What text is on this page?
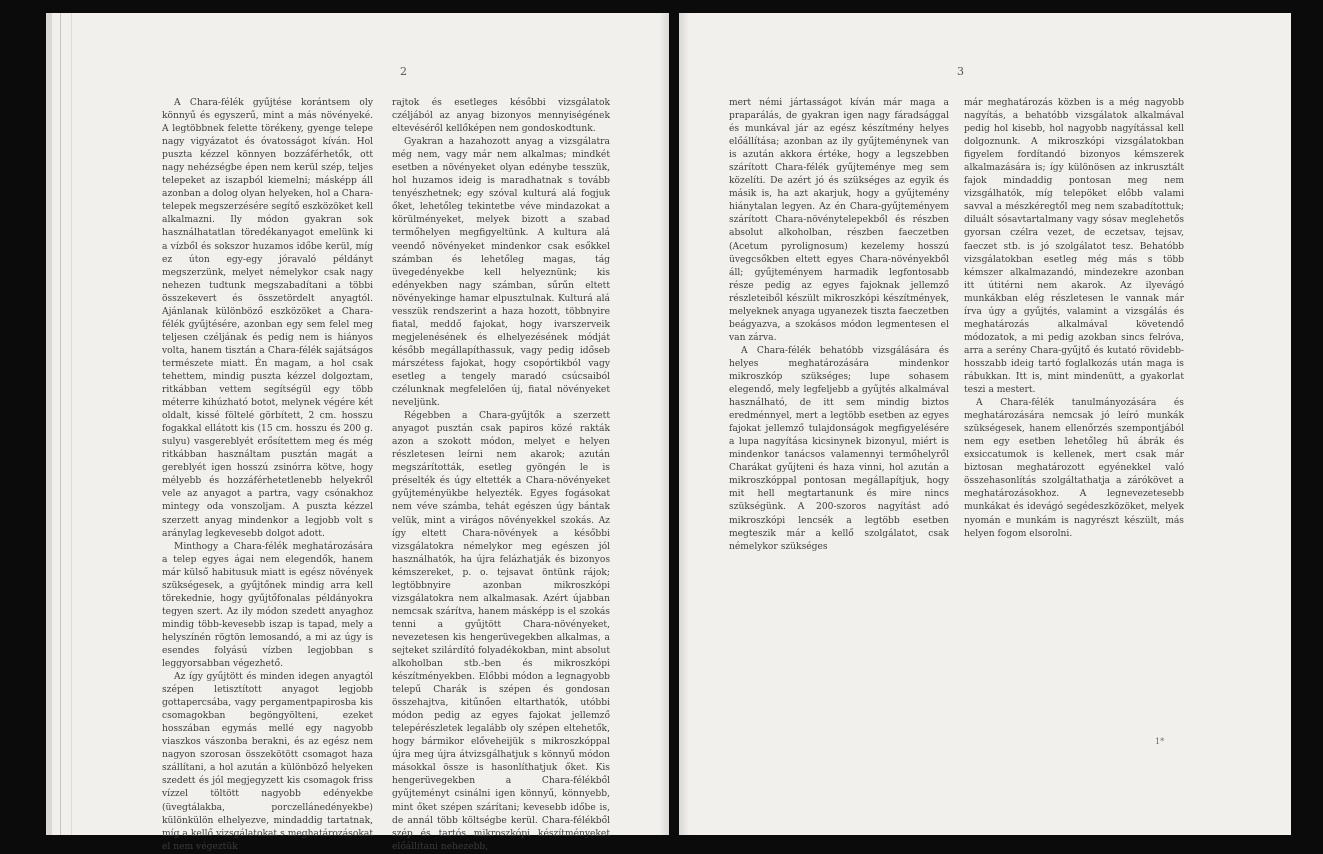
2

A Chara-félék gyűjtése korántsem oly könnyű és egyszerű, mint a más növényeké. A legtöbbnek felette törékeny, gyenge telepe nagy vigyázatot és óvatosságot kíván. Hol puszta kézzel könnyen bozzáférhetők, ott nagy nehézségbe épen nem kerül szép, teljes telepeket az iszapból kiemelni; másképp áll azonban a dolog olyan helyeken, hol a Chara-telepek megszerzésére segítő eszközöket kell alkalmazni. Ily módon gyakran sok használhatatlan töredékanyagot emelünk ki a vízből és sokszor huzamos időbe kerül, míg ez úton egy-egy jóravaló példányt megszerzünk, melyet némelykor csak nagy nehezen tudtunk megszabadítani a többi összekevert és összetördelt anyagtól. Ajánlanak különböző eszközöket a Chara-félék gyűjtésére, azonban egy sem felel meg teljesen czéljának és pedig nem is hiányos volta, hanem tisztán a Chara-félék sajátságos természete miatt. Én magam, a hol csak tehettem, mindig puszta kézzel dolgoztam, ritkábban vettem segítségül egy több méterre kihúzható botot, melynek végére két oldalt, kissé föltelé görbített, 2 cm. hosszu fogakkal ellátott kis (15 cm. hosszu és 200 g. sulyu) vasgereblyét erősítettem meg és még ritkábban használtam pusztán magát a gereblyét igen hosszú zsinórra kötve, hogy mélyebb és hozzáférhetetlenebb helyekről vele az anyagot a partra, vagy csónakhoz mintegy oda vonszoljam. A puszta kézzel szerzett anyag mindenkor a legjobb volt s aránylag legkevesebb dolgot adott.

Minthogy a Chara-félék meghatározására a telep egyes ágai nem elegendők, hanem már külső habitusuk miatt is egész növények szükségesek, a gyűjtőnek mindig arra kell törekednie, hogy gyűjtőfonalas példányokra tegyen szert. Az ily módon szedett anyaghoz mindig több-kevesebb iszap is tapad, mely a helyszínén rögtön lemosandó, a mi az úgy is esendes folyású vízben legjobban s leggyorsabban végezhető.

Az így gyűjtött és minden idegen anyagtól szépen letisztított anyagot legjobb gottapercsába, vagy pergamentpapirosba kis csomagokban begöngyölteni, ezeket hosszában egymás mellé egy nagyobb viaszkos vászonba berakni, és az egész nem nagyon szorosan összekötött csomagot haza szállítani, a hol azután a különböző helyeken szedett és jól megjegyzett kis csomagok friss vízzel töltött nagyobb edényekbe (üvegtálakba, porczellánedényekbe) különkülön elhelyezve, mindaddig tartatnak, míg a kellő vizsgálatokat s meghatározásokat el nem végeztük

rajtok és esetleges későbbi vizsgálatok czéljából az anyag bizonyos mennyiségének eltevéséről kellőképen nem gondoskodtunk.

Gyakran a hazahozott anyag a vizsgálatra még nem, vagy már nem alkalmas; mindkét esetben a növényeket olyan edénybe tesszük, hol huzamos ideig is maradhatnak s tovább tenyészhetnek; egy szóval kulturá alá fogjuk őket, lehetőleg tekintetbe véve mindazokat a körülményeket, melyek bizott a szabad termőhelyen megfigyeltünk. A kultura alá veendő növényeket mindenkor csak esőkkel számban és lehetőleg magas, tág üvegedényekbe kell helyeznünk; kis edényekben nagy számban, sűrűn eltett növényekinge hamar elpusztulnak. Kulturá alá vesszük rendszerint a haza hozott, többnyire fiatal, meddő fajokat, hogy ivarszerveik megjelenésének és elhelyezésének módját később megállapíthassuk, vagy pedig időseb márszétess fajokat, hogy csopórtikból vagy esetleg a tengely maradó csúcsaiból czélunknak megfelelően új, fiatal növényeket neveljünk.

Régebben a Chara-gyűjtők a szerzett anyagot pusztán csak papiros közé rakták azon a szokott módon, melyet e helyen részletesen leírni nem akarok; azután megszárították, esetleg gyöngén le is préselték és úgy eltették a Chara-növényeket gyűjteményükbe helyezték. Egyes fogásokat nem véve számba, tehát egészen úgy bántak velük, mint a virágos növényekkel szokás. Az így eltett Chara-növények a későbbi vizsgálatokra némelykor meg egészen jól használhatók, ha újra felázhatják és bizonyos kémszereket, p. o. tejsavat öntünk rájok; legtöbbnyire azonban mikroszkópi vizsgálatokra nem alkalmasak. Azért újabban nemcsak szárítva, hanem másképp is el szokás tenni a gyűjtött Chara-növényeket, nevezetesen kis hengerüvegekben alkalmas, a sejteket szilárdító folyadékokban, mint absolut alkoholban stb.-ben és mikroszkópi készítményekben. Előbbi módon a legnagyobb telepű Charák is szépen és gondosan összehajtva, kitűnően eltarthatók, utóbbi módon pedig az egyes fajokat jellemző telepérészletek legalább oly szépen eltehetők, hogy bármikor előveheijük s mikroszkóppal újra meg újra átvizsgálhatjuk s könnyű módon másokkal össze is hasonlíthatjuk őket. Kis hengerüvegekben a Chara-félékből gyűjteményt csinálni igen könnyű, könnyebb, mint őket szépen szárítani; kevesebb időbe is, de annál több költségbe kerül. Chara-félékből szép és tartós mikroszkópi készítményeket előállítani nehezebb,

3

mert némi jártasságot kíván már maga a praparálás, de gyakran igen nagy fáradsággal és munkával jár az egész készítmény helyes előállítása; azonban az ily gyűjteménynek van is azután akkora értéke, hogy a legszebben szárított Chara-félék gyűjteménye meg sem közelíti. De azért jó és szükséges az egyik és másik is, ha azt akarjuk, hogy a gyűjtemény hiánytalan legyen. Az én Chara-gyűjteményem szárított Chara-növénytelepekből és részben absolut alkoholban, részben faeczetben (Acetum pyrolignosum) kezelemy hosszú üvegcsőkben eltett egyes Chara-növényekből áll; gyűjteményem harmadik legfontosabb része pedig az egyes fajoknak jellemző részleteiből készült mikroszkópi készítmények, melyeknek anyaga ugyanezek tiszta faeczetben beágyazva, a szokásos módon legmentesen el van zárva.

A Chara-félék behatóbb vizsgálására és helyes meghatározására mindenkor mikroszkóp szükséges; lupe sohasem elegendő, mely legfeljebb a gyűjtés alkalmával használható, de itt sem mindig biztos eredménnyel, mert a legtöbb esetben az egyes fajokat jellemző tulajdonságok megfigyelésére a lupa nagyítása kicsinynek bizonyul, miért is mindenkor tanácsos valamennyi termőhelyről Charákat gyűjteni és haza vinni, hol azután a mikroszkóppal pontosan megállapítjuk, hogy mit hell megtartanunk és mire nincs szükségünk. A 200-szoros nagyítást adó mikroszkópi lencsék a legtöbb esetben megteszik már a kellő szolgálatot, csak némelykor szükséges

már meghatározás közben is a még nagyobb nagyítás, a behatóbb vizsgálatok alkalmával pedig hol kisebb, hol nagyobb nagyítással kell dolgoznunk. A mikroszkópi vizsgálatokban figyelem fordítandó bizonyos kémszerek alkalmazására is; így különösen az inkrusztált fajok mindaddig pontosan meg nem vizsgálhatók, míg telepöket előbb valami savval a mészkéregtől meg nem szabadítottuk; diluált sósavtartalmany vagy sósav meglehetős gyorsan czélra vezet, de eczetsav, tejsav, faeczet stb. is jó szolgálatot tesz. Behatóbb vizsgálatokban esetleg még más s több kémszer alkalmazandó, mindezekre azonban itt útitérni nem akarok. Az ilyevágó munkákban elég részletesen le vannak már írva úgy a gyűjtés, valamint a vizsgálás és meghatározás alkalmával követendő módozatok, a mi pedig azokban sincs felróva, arra a serény Chara-gyűjtő és kutató rövidebb-hosszabb ideig tartó foglalkozás után maga is rábukkan. Itt is, mint mindenütt, a gyakorlat teszi a mestert.

A Chara-félék tanulmányozására és meghatározására nemcsak jó leíró munkák szükségesek, hanem ellenőrzés szempontjából nem egy esetben lehetőleg hű ábrák és exsiccatumok is kellenek, mert csak már biztosan meghatározott egyénekkel való összehasonlítás szolgáltathatja a zárókövet a meghatározásokhoz. A legnevezetesebb munkákat és idevágó segédeszközöket, melyek nyomán e munkám is nagyrészt készült, más helyen fogom elsorolni.

1*
